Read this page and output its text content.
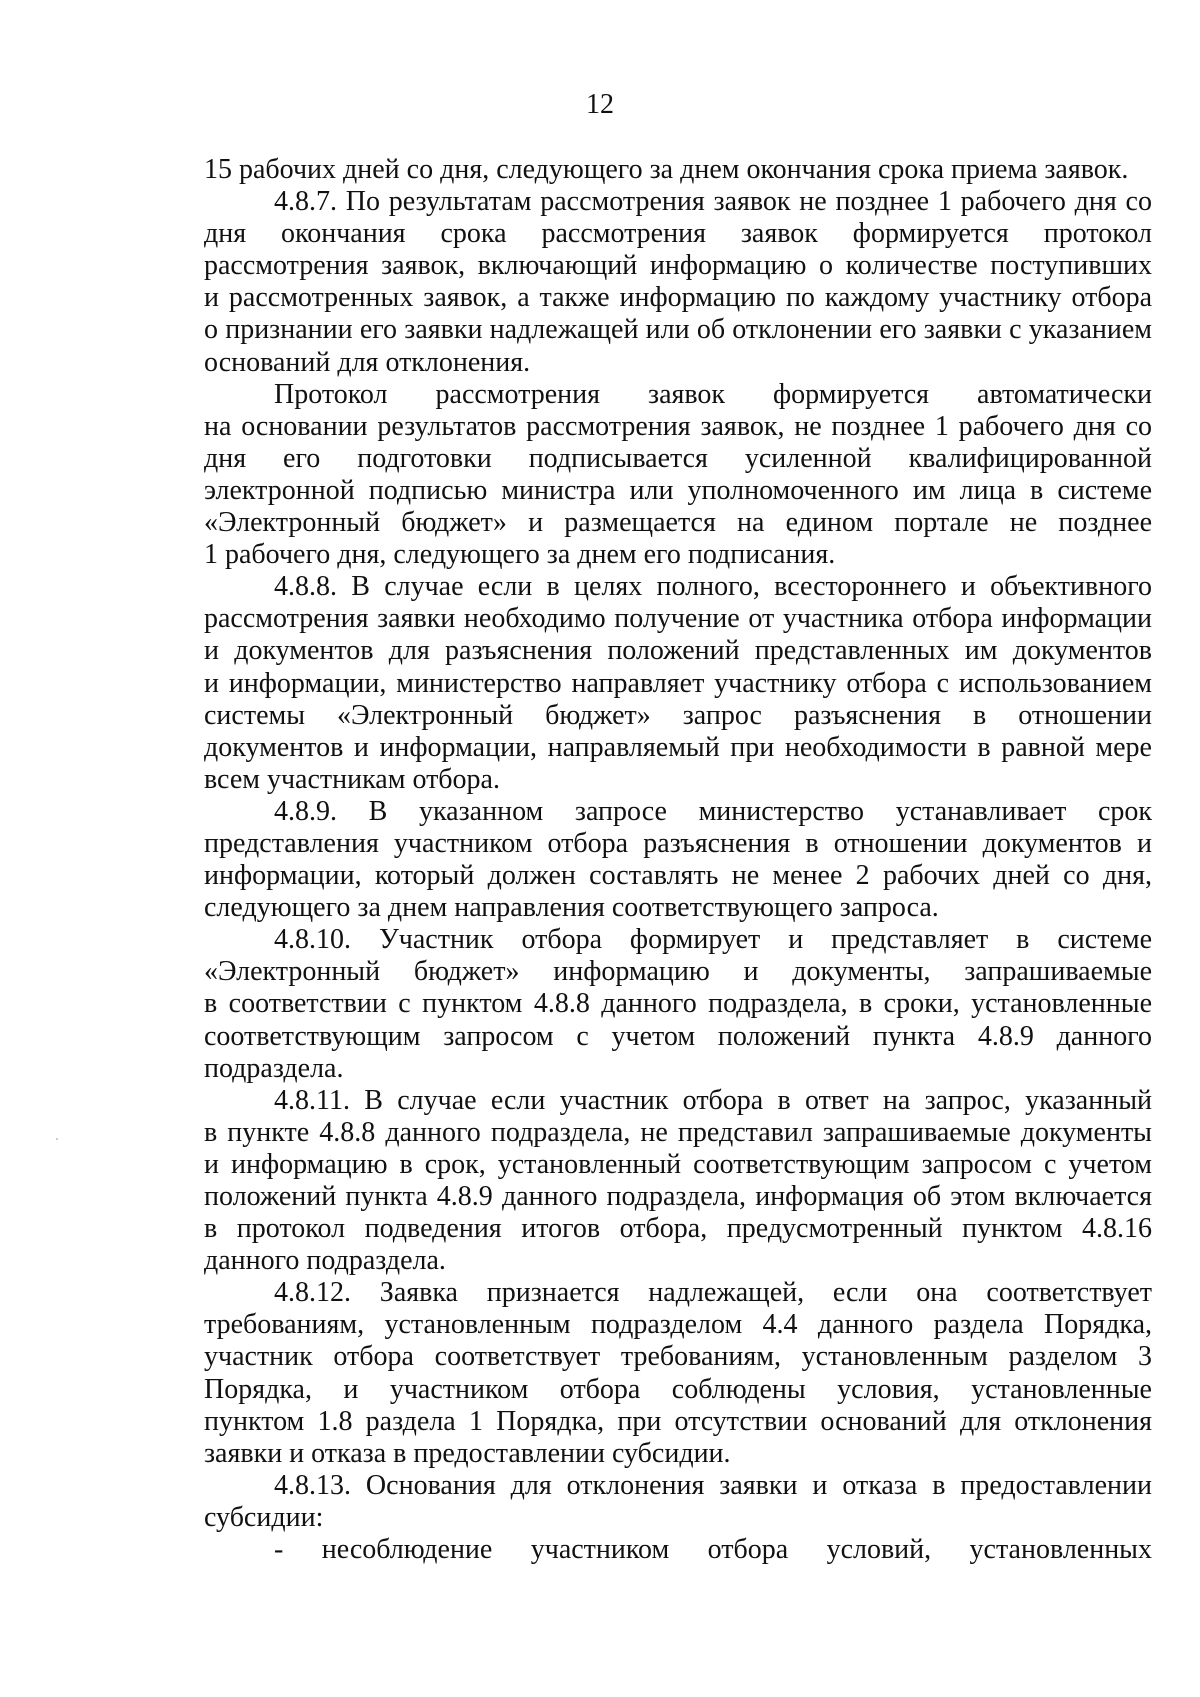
12
15 рабочих дней со дня, следующего за днем окончания срока приема заявок.
4.8.7. По результатам рассмотрения заявок не позднее 1 рабочего дня со
дня окончания срока рассмотрения заявок формируется протокол
рассмотрения заявок, включающий информацию о количестве поступивших
и рассмотренных заявок, а также информацию по каждому участнику отбора
о признании его заявки надлежащей или об отклонении его заявки с указанием
оснований для отклонения.
Протокол рассмотрения заявок формируется автоматически
на основании результатов рассмотрения заявок, не позднее 1 рабочего дня со
дня его подготовки подписывается усиленной квалифицированной
электронной подписью министра или уполномоченного им лица в системе
«Электронный бюджет» и размещается на едином портале не позднее
1 рабочего дня, следующего за днем его подписания.
4.8.8. В случае если в целях полного, всестороннего и объективного
рассмотрения заявки необходимо получение от участника отбора информации
и документов для разъяснения положений представленных им документов
и информации, министерство направляет участнику отбора с использованием
системы «Электронный бюджет» запрос разъяснения в отношении
документов и информации, направляемый при необходимости в равной мере
всем участникам отбора.
4.8.9. В указанном запросе министерство устанавливает срок
представления участником отбора разъяснения в отношении документов и
информации, который должен составлять не менее 2 рабочих дней со дня,
следующего за днем направления соответствующего запроса.
4.8.10. Участник отбора формирует и представляет в системе
«Электронный бюджет» информацию и документы, запрашиваемые
в соответствии с пунктом 4.8.8 данного подраздела, в сроки, установленные
соответствующим запросом с учетом положений пункта 4.8.9 данного
подраздела.
4.8.11. В случае если участник отбора в ответ на запрос, указанный
в пункте 4.8.8 данного подраздела, не представил запрашиваемые документы
и информацию в срок, установленный соответствующим запросом с учетом
положений пункта 4.8.9 данного подраздела, информация об этом включается
в протокол подведения итогов отбора, предусмотренный пунктом 4.8.16
данного подраздела.
4.8.12. Заявка признается надлежащей, если она соответствует
требованиям, установленным подразделом 4.4 данного раздела Порядка,
участник отбора соответствует требованиям, установленным разделом 3
Порядка, и участником отбора соблюдены условия, установленные
пунктом 1.8 раздела 1 Порядка, при отсутствии оснований для отклонения
заявки и отказа в предоставлении субсидии.
4.8.13. Основания для отклонения заявки и отказа в предоставлении
субсидии:
- несоблюдение участником отбора условий, установленных
